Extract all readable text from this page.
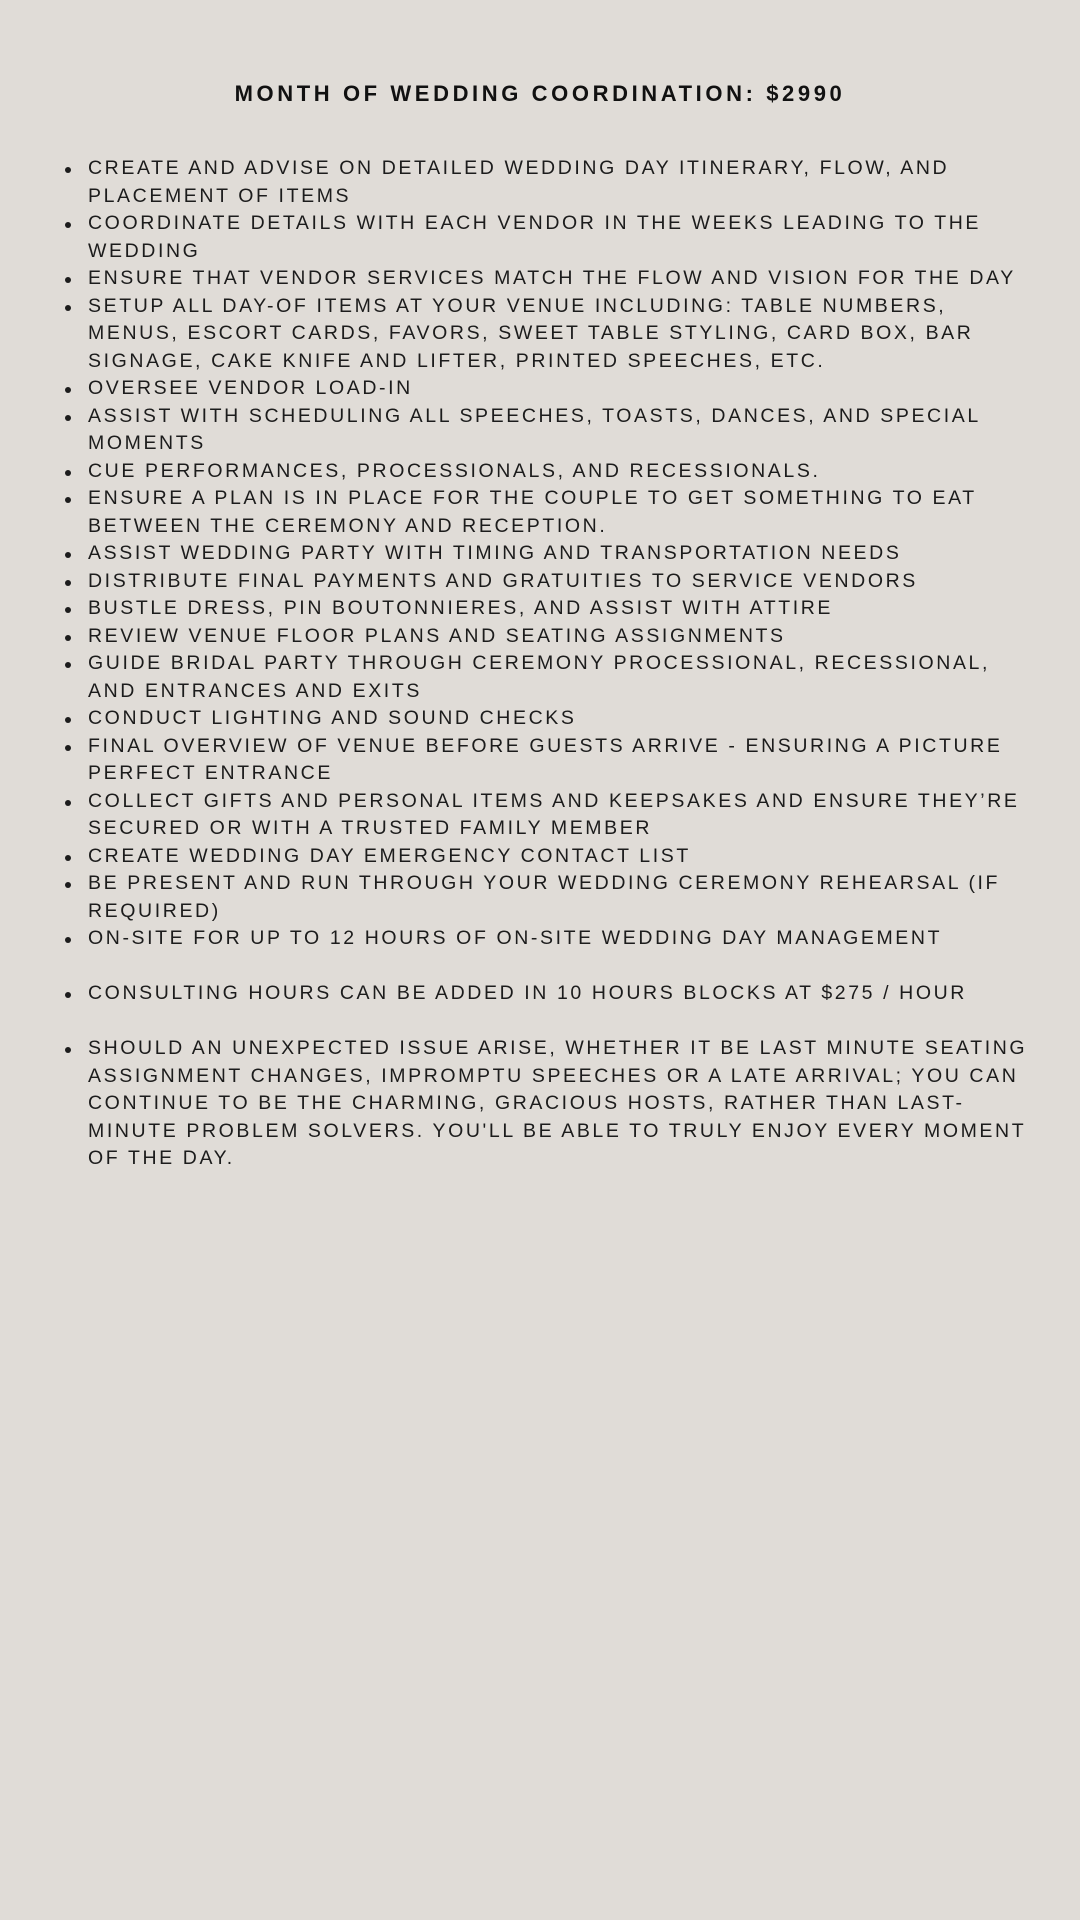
MONTH OF WEDDING COORDINATION: $2990
CREATE AND ADVISE ON DETAILED WEDDING DAY ITINERARY, FLOW, AND PLACEMENT OF ITEMS
COORDINATE DETAILS WITH EACH VENDOR IN THE WEEKS LEADING TO THE WEDDING
ENSURE THAT VENDOR SERVICES MATCH THE FLOW AND VISION FOR THE DAY
SETUP ALL DAY-OF ITEMS AT YOUR VENUE INCLUDING: TABLE NUMBERS, MENUS, ESCORT CARDS, FAVORS, SWEET TABLE STYLING, CARD BOX, BAR SIGNAGE, CAKE KNIFE AND LIFTER, PRINTED SPEECHES, ETC.
OVERSEE VENDOR LOAD-IN
ASSIST WITH SCHEDULING ALL SPEECHES, TOASTS, DANCES, AND SPECIAL MOMENTS
CUE PERFORMANCES, PROCESSIONALS, AND RECESSIONALS.
ENSURE A PLAN IS IN PLACE FOR THE COUPLE TO GET SOMETHING TO EAT BETWEEN THE CEREMONY AND RECEPTION.
ASSIST WEDDING PARTY WITH TIMING AND TRANSPORTATION NEEDS
DISTRIBUTE FINAL PAYMENTS AND GRATUITIES TO SERVICE VENDORS
BUSTLE DRESS, PIN BOUTONNIERES, AND ASSIST WITH ATTIRE
REVIEW VENUE FLOOR PLANS AND SEATING ASSIGNMENTS
GUIDE BRIDAL PARTY THROUGH CEREMONY PROCESSIONAL, RECESSIONAL, AND ENTRANCES AND EXITS
CONDUCT LIGHTING AND SOUND CHECKS
FINAL OVERVIEW OF VENUE BEFORE GUESTS ARRIVE - ENSURING A PICTURE PERFECT ENTRANCE
COLLECT GIFTS AND PERSONAL ITEMS AND KEEPSAKES AND ENSURE THEY’RE SECURED OR WITH A TRUSTED FAMILY MEMBER
CREATE WEDDING DAY EMERGENCY CONTACT LIST
BE PRESENT AND RUN THROUGH YOUR WEDDING CEREMONY REHEARSAL (IF REQUIRED)
ON-SITE FOR UP TO 12 HOURS OF ON-SITE WEDDING DAY MANAGEMENT
CONSULTING HOURS CAN BE ADDED IN 10 HOURS BLOCKS AT $275 / HOUR
SHOULD AN UNEXPECTED ISSUE ARISE, WHETHER IT BE LAST MINUTE SEATING ASSIGNMENT CHANGES, IMPROMPTU SPEECHES OR A LATE ARRIVAL; YOU CAN CONTINUE TO BE THE CHARMING, GRACIOUS HOSTS, RATHER THAN LAST-MINUTE PROBLEM SOLVERS. YOU'LL BE ABLE TO TRULY ENJOY EVERY MOMENT OF THE DAY.
